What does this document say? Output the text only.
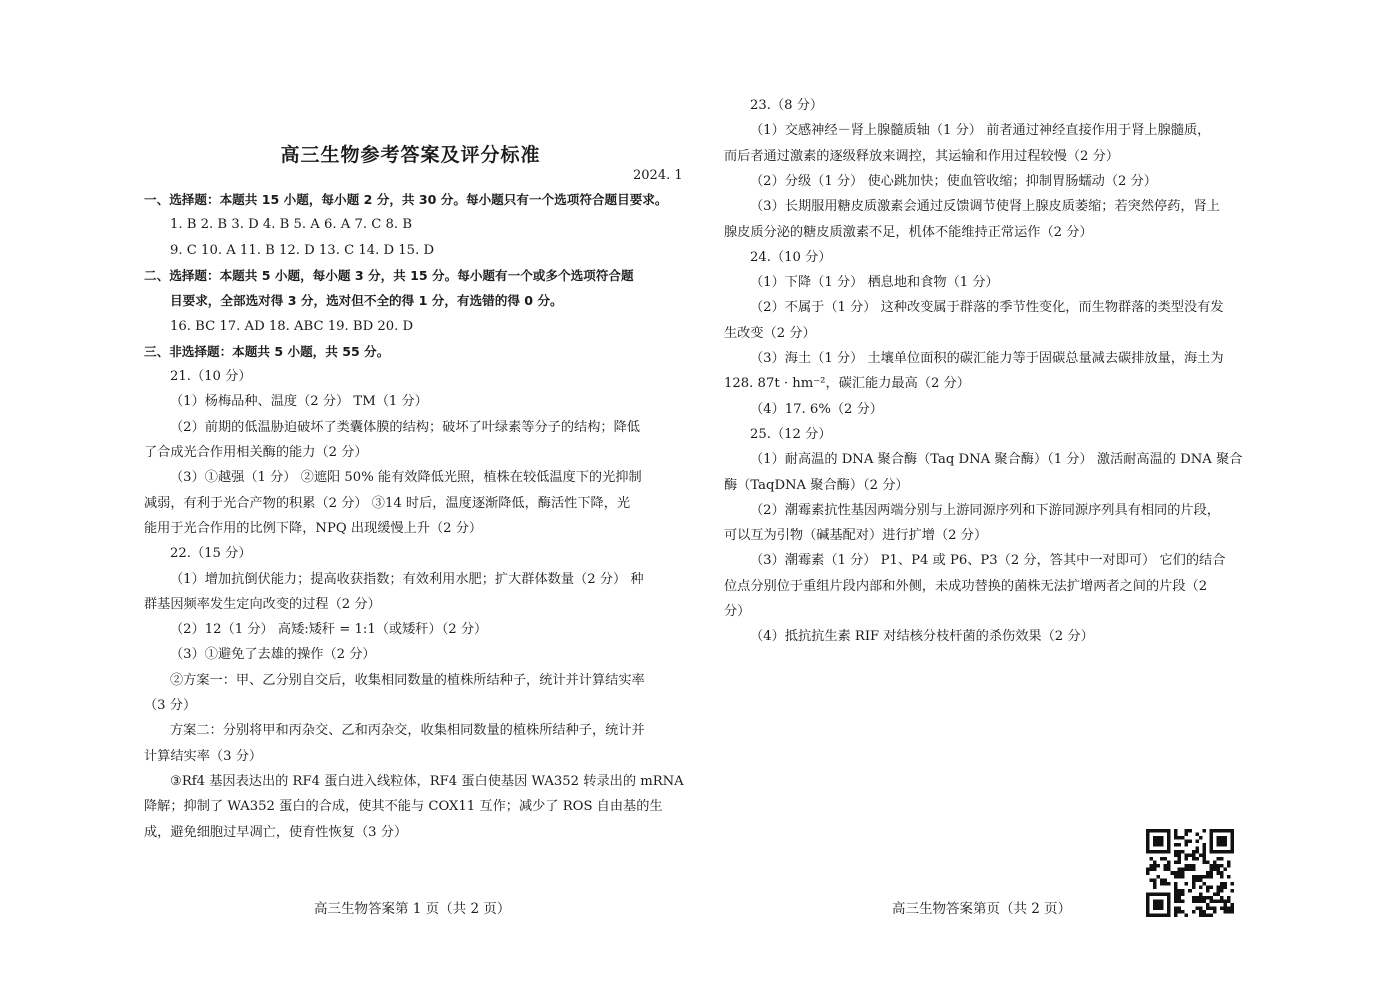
高三生物参考答案及评分标准
2024. 1
一、选择题：本题共 15 小题，每小题 2 分，共 30 分。每小题只有一个选项符合题目要求。
1. B 2. B 3. D 4. B 5. A 6. A 7. C 8. B
9. C 10. A 11. B 12. D 13. C 14. D 15. D
二、选择题：本题共 5 小题，每小题 3 分，共 15 分。每小题有一个或多个选项符合题
目要求，全部选对得 3 分，选对但不全的得 1 分，有选错的得 0 分。
16. BC 17. AD 18. ABC 19. BD 20. D
三、非选择题：本题共 5 小题，共 55 分。
21.（10 分）
（1）杨梅品种、温度（2 分） TM（1 分）
（2）前期的低温胁迫破坏了类囊体膜的结构；破坏了叶绿素等分子的结构；降低
了合成光合作用相关酶的能力（2 分）
（3）①越强（1 分） ②遮阳 50% 能有效降低光照，植株在较低温度下的光抑制
减弱，有利于光合产物的积累（2 分） ③14 时后，温度逐渐降低，酶活性下降，光
能用于光合作用的比例下降，NPQ 出现缓慢上升（2 分）
22.（15 分）
（1）增加抗倒伏能力；提高收获指数；有效利用水肥；扩大群体数量（2 分） 种
群基因频率发生定向改变的过程（2 分）
（2）12（1 分） 高矮:矮秆 = 1:1（或矮秆）（2 分）
（3）①避免了去雄的操作（2 分）
②方案一：甲、乙分别自交后，收集相同数量的植株所结种子，统计并计算结实率
（3 分）
方案二：分别将甲和丙杂交、乙和丙杂交，收集相同数量的植株所结种子，统计并
计算结实率（3 分）
③Rf4 基因表达出的 RF4 蛋白进入线粒体，RF4 蛋白使基因 WA352 转录出的 mRNA
降解；抑制了 WA352 蛋白的合成，使其不能与 COX11 互作；减少了 ROS 自由基的生
成，避免细胞过早凋亡，使育性恢复（3 分）
23.（8 分）
（1）交感神经－肾上腺髓质轴（1 分） 前者通过神经直接作用于肾上腺髓质，
而后者通过激素的逐级释放来调控，其运输和作用过程较慢（2 分）
（2）分级（1 分） 使心跳加快；使血管收缩；抑制胃肠蠕动（2 分）
（3）长期服用糖皮质激素会通过反馈调节使肾上腺皮质萎缩；若突然停药，肾上
腺皮质分泌的糖皮质激素不足，机体不能维持正常运作（2 分）
24.（10 分）
（1）下降（1 分） 栖息地和食物（1 分）
（2）不属于（1 分） 这种改变属于群落的季节性变化，而生物群落的类型没有发
生改变（2 分）
（3）海土（1 分） 土壤单位面积的碳汇能力等于固碳总量减去碳排放量，海土为
128. 87t · hm⁻²，碳汇能力最高（2 分）
（4）17. 6%（2 分）
25.（12 分）
（1）耐高温的 DNA 聚合酶（Taq DNA 聚合酶）（1 分） 激活耐高温的 DNA 聚合
酶（TaqDNA 聚合酶）（2 分）
（2）潮霉素抗性基因两端分别与上游同源序列和下游同源序列具有相同的片段，
可以互为引物（碱基配对）进行扩增（2 分）
（3）潮霉素（1 分） P1、P4 或 P6、P3（2 分，答其中一对即可） 它们的结合
位点分别位于重组片段内部和外侧，未成功替换的菌株无法扩增两者之间的片段（2
分）
（4）抵抗抗生素 RIF 对结核分枝杆菌的杀伤效果（2 分）
高三生物答案第 1 页（共 2 页）	高三生物答案第页（共 2 页）
